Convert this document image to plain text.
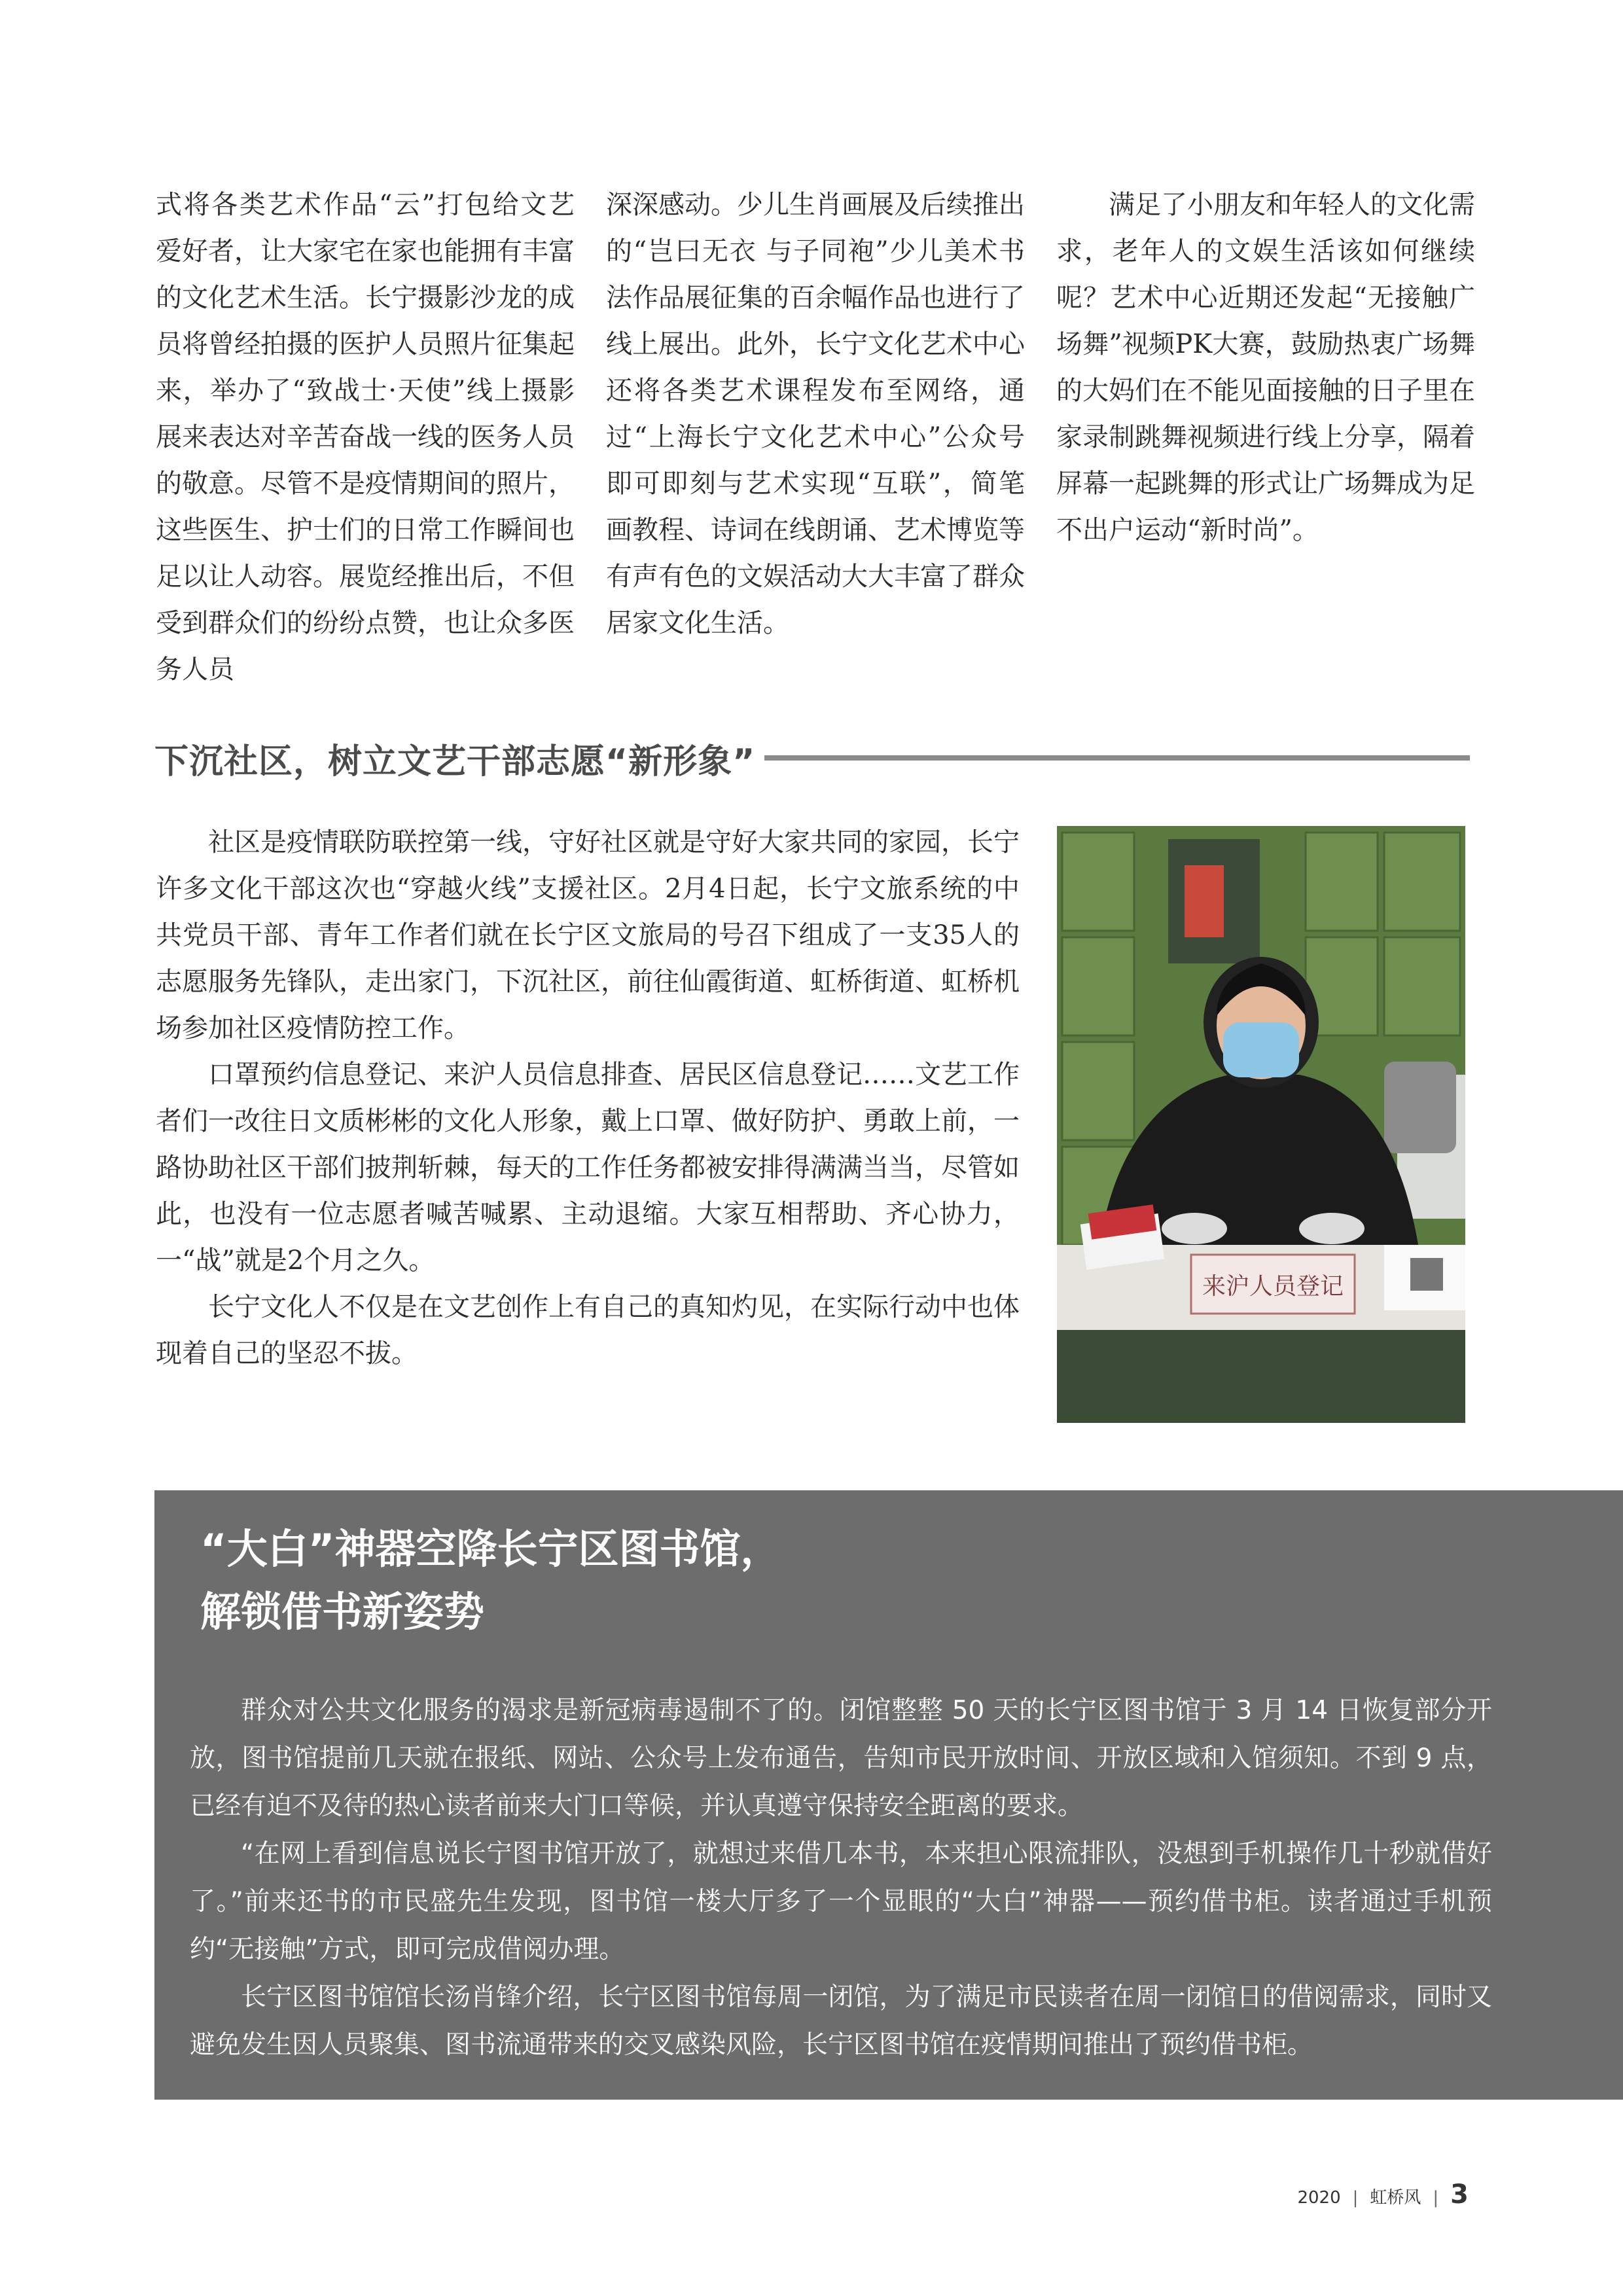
式将各类艺术作品“云”打包给文艺爱好者，让大家宅在家也能拥有丰富的文化艺术生活。长宁摄影沙龙的成员将曾经拍摄的医护人员照片征集起来，举办了“致战士·天使”线上摄影展来表达对辛苦奋战一线的医务人员的敬意。尽管不是疫情期间的照片，这些医生、护士们的日常工作瞬间也足以让人动容。展览经推出后，不但受到群众们的纷纷点赞，也让众多医务人员

深深感动。少儿生肖画展及后续推出的“岂曰无衣 与子同袍”少儿美术书法作品展征集的百余幅作品也进行了线上展出。此外，长宁文化艺术中心还将各类艺术课程发布至网络，通过“上海长宁文化艺术中心”公众号即可即刻与艺术实现“互联”，简笔画教程、诗词在线朗诵、艺术博览等有声有色的文娱活动大大丰富了群众居家文化生活。

满足了小朋友和年轻人的文化需求，老年人的文娱生活该如何继续呢？艺术中心近期还发起“无接触广场舞”视频PK大赛，鼓励热衷广场舞的大妈们在不能见面接触的日子里在家录制跳舞视频进行线上分享，隔着屏幕一起跳舞的形式让广场舞成为足不出户运动“新时尚”。

下沉社区，树立文艺干部志愿“新形象”

社区是疫情联防联控第一线，守好社区就是守好大家共同的家园，长宁许多文化干部这次也“穿越火线”支援社区。2月4日起，长宁文旅系统的中共党员干部、青年工作者们就在长宁区文旅局的号召下组成了一支35人的志愿服务先锋队，走出家门，下沉社区，前往仙霞街道、虹桥街道、虹桥机场参加社区疫情防控工作。

口罩预约信息登记、来沪人员信息排查、居民区信息登记……文艺工作者们一改往日文质彬彬的文化人形象，戴上口罩、做好防护、勇敢上前，一路协助社区干部们披荆斩棘，每天的工作任务都被安排得满满当当，尽管如此，也没有一位志愿者喊苦喊累、主动退缩。大家互相帮助、齐心协力，一“战”就是2个月之久。

长宁文化人不仅是在文艺创作上有自己的真知灼见，在实际行动中也体现着自己的坚忍不拔。

来沪人员登记
“大白”神器空降长宁区图书馆，
解锁借书新姿势

群众对公共文化服务的渴求是新冠病毒遏制不了的。闭馆整整 50 天的长宁区图书馆于 3 月 14 日恢复部分开放，图书馆提前几天就在报纸、网站、公众号上发布通告，告知市民开放时间、开放区域和入馆须知。不到 9 点，已经有迫不及待的热心读者前来大门口等候，并认真遵守保持安全距离的要求。

“在网上看到信息说长宁图书馆开放了，就想过来借几本书，本来担心限流排队，没想到手机操作几十秒就借好了。”前来还书的市民盛先生发现，图书馆一楼大厅多了一个显眼的“大白”神器——预约借书柜。读者通过手机预约“无接触”方式，即可完成借阅办理。

长宁区图书馆馆长汤肖锋介绍，长宁区图书馆每周一闭馆，为了满足市民读者在周一闭馆日的借阅需求，同时又避免发生因人员聚集、图书流通带来的交叉感染风险，长宁区图书馆在疫情期间推出了预约借书柜。

2020 | 虹桥风 | 3
